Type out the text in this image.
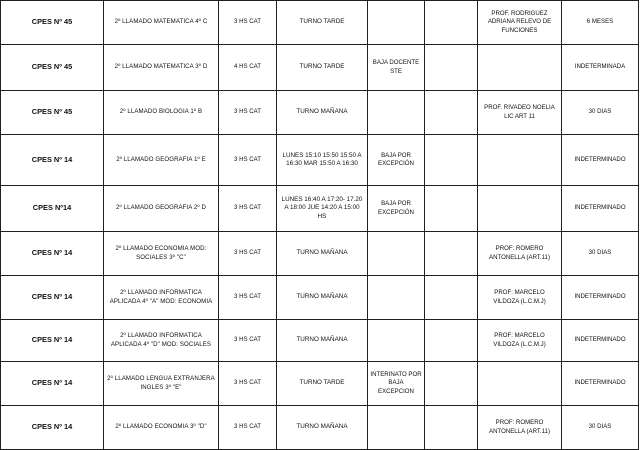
CPES Nº 45	2º LLAMADO MATEMATICA 4º C	3 HS CAT	TURNO TARDE			PROF. RODRIGUEZ
ADRIANA RELEVO DE
FUNCIONES	6 MESES
CPES Nº 45	2º LLAMADO MATEMATICA 3º D	4 HS CAT	TURNO TARDE	BAJA DOCENTE
STE			INDETERMINADA
CPES Nº 45	2º LLAMADO BIOLOGIA 1º B	3 HS CAT	TURNO MAÑANA			PROF. RIVADEO NOELIA
LIC ART 11	30 DIAS
CPES Nº 14	2º LLAMADO GEOGRAFIA 1º E	3 HS CAT	LUNES 15:10 15:50 15:50 A
16:30 MAR 15:50 A 16:30	BAJA POR
EXCEPCIÓN			INDETERMINADO
CPES Nº14	2º LLAMADO GEOGRAFIA 2º D	3 HS CAT	LUNES 16:40 A 17:20- 17.20
A 18:00 JUE 14:20 A 15:00
HS	BAJA POR
EXCEPCIÓN			INDETERMINADO
CPES Nº 14	2º LLAMADO ECONOMIA MOD:
SOCIALES 3º "C"	3 HS CAT	TURNO MAÑANA			PROF: ROMERO
ANTONELLA (ART.11)	30 DIAS
CPES Nº 14	2º LLAMADO INFORMATICA
APLICADA 4º "A" MOD: ECONOMIA	3 HS CAT	TURNO MAÑANA			PROF: MARCELO
VILDOZA (L.C.M.J)	INDETERMINADO
CPES Nº 14	2º LLAMADO INFORMATICA
APLICADA 4º "D" MOD: SOCIALES	3 HS CAT	TURNO MAÑANA			PROF: MARCELO
VILDOZA (L.C.M.J)	INDETERMINADO
CPES Nº 14	2º LLAMADO LENGUA EXTRANJERA
INGLES 3º "E"	3 HS CAT	TURNO TARDE	INTERINATO POR
BAJA EXCEPCION			INDETERMINADO
CPES Nº 14	2º LLAMADO ECONOMIA 3º "D"	3 HS CAT	TURNO MAÑANA			PROF: ROMERO
ANTONELLA (ART.11)	30 DIAS
